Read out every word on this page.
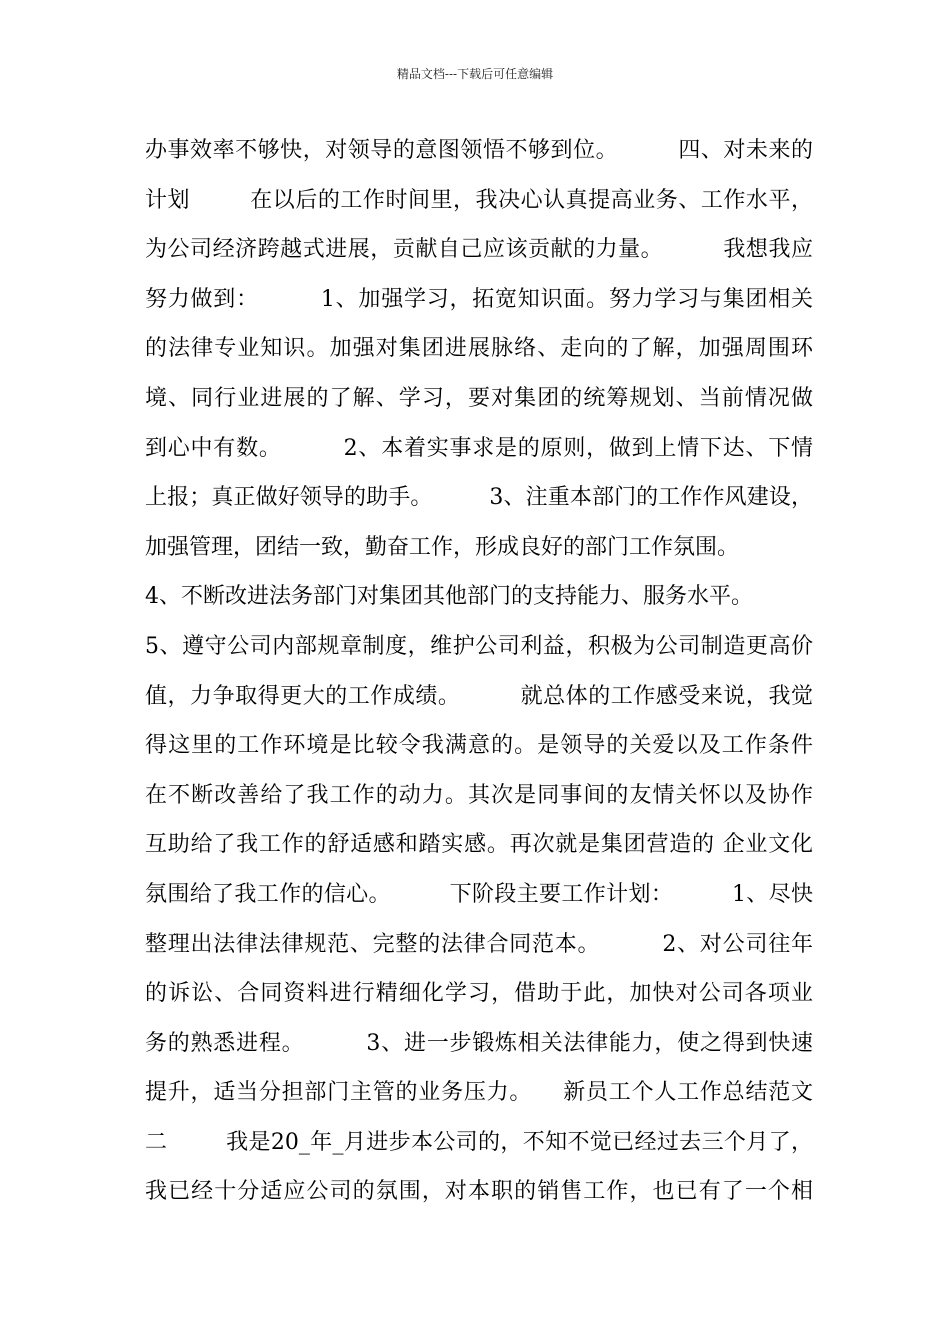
精品文档---下载后可任意编辑
办事效率不够快，对领导的意图领悟不够到位。        四、对未来的
计划        在以后的工作时间里，我决心认真提高业务、工作水平，
为公司经济跨越式进展，贡献自己应该贡献的力量。        我想我应
努力做到：        1、加强学习，拓宽知识面。努力学习与集团相关
的法律专业知识。加强对集团进展脉络、走向的了解，加强周围环
境、同行业进展的了解、学习，要对集团的统筹规划、当前情况做
到心中有数。        2、本着实事求是的原则，做到上情下达、下情
上报；真正做好领导的助手。        3、注重本部门的工作作风建设，
加强管理，团结一致，勤奋工作，形成良好的部门工作氛围。
4、不断改进法务部门对集团其他部门的支持能力、服务水平。
5、遵守公司内部规章制度，维护公司利益，积极为公司制造更高价
值，力争取得更大的工作成绩。        就总体的工作感受来说，我觉
得这里的工作环境是比较令我满意的。是领导的关爱以及工作条件
在不断改善给了我工作的动力。其次是同事间的友情关怀以及协作
互助给了我工作的舒适感和踏实感。再次就是集团营造的 企业文化
氛围给了我工作的信心。        下阶段主要工作计划：        1、尽快
整理出法律法律规范、完整的法律合同范本。        2、对公司往年
的诉讼、合同资料进行精细化学习，借助于此，加快对公司各项业
务的熟悉进程。        3、进一步锻炼相关法律能力，使之得到快速
提升，适当分担部门主管的业务压力。    新员工个人工作总结范文
二        我是20_年_月进步本公司的，不知不觉已经过去三个月了，
我已经十分适应公司的氛围，对本职的销售工作，也已有了一个相
